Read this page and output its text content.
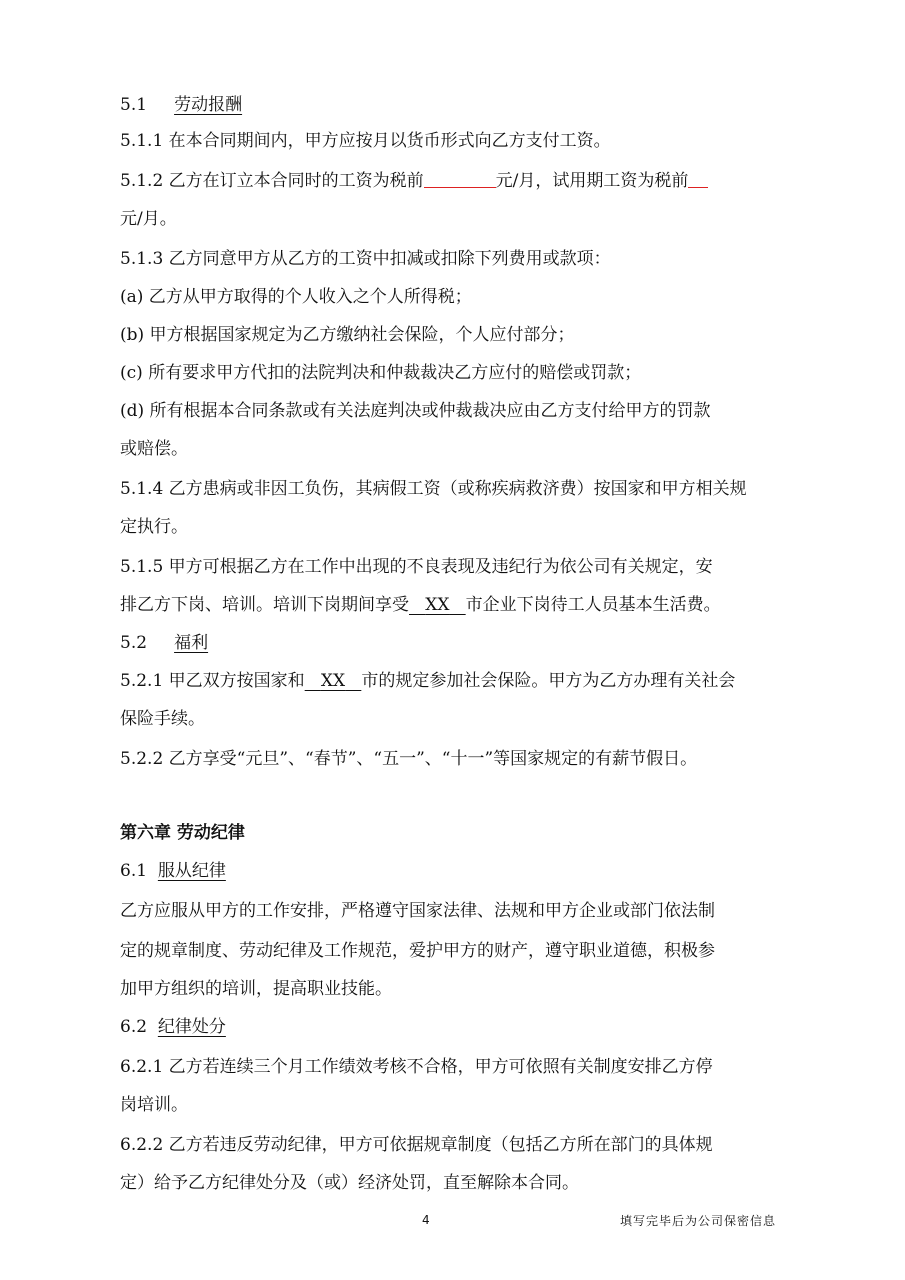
5.1 劳动报酬
5.1.1 在本合同期间内，甲方应按月以货币形式向乙方支付工资。
5.1.2 乙方在订立本合同时的工资为税前	元/月，试用期工资为税前
元/月。
5.1.3 乙方同意甲方从乙方的工资中扣减或扣除下列费用或款项：
(a) 乙方从甲方取得的个人收入之个人所得税；
(b) 甲方根据国家规定为乙方缴纳社会保险，个人应付部分；
(c) 所有要求甲方代扣的法院判决和仲裁裁决乙方应付的赔偿或罚款；
(d) 所有根据本合同条款或有关法庭判决或仲裁裁决应由乙方支付给甲方的罚款
或赔偿。
5.1.4 乙方患病或非因工负伤，其病假工资（或称疾病救济费）按国家和甲方相关规
定执行。
5.1.5 甲方可根据乙方在工作中出现的不良表现及违纪行为依公司有关规定，安
排乙方下岗、培训。培训下岗期间享受 XX 市企业下岗待工人员基本生活费。
5.2 福利
5.2.1 甲乙双方按国家和 XX 市的规定参加社会保险。甲方为乙方办理有关社会
保险手续。
5.2.2 乙方享受“元旦”、“春节”、“五一”、“十一”等国家规定的有薪节假日。
第六章 劳动纪律
6.1 服从纪律
乙方应服从甲方的工作安排，严格遵守国家法律、法规和甲方企业或部门依法制
定的规章制度、劳动纪律及工作规范，爱护甲方的财产，遵守职业道德，积极参
加甲方组织的培训，提高职业技能。
6.2 纪律处分
6.2.1 乙方若连续三个月工作绩效考核不合格，甲方可依照有关制度安排乙方停
岗培训。
6.2.2 乙方若违反劳动纪律，甲方可依据规章制度（包括乙方所在部门的具体规
定）给予乙方纪律处分及（或）经济处罚，直至解除本合同。
4	填写完毕后为公司保密信息
